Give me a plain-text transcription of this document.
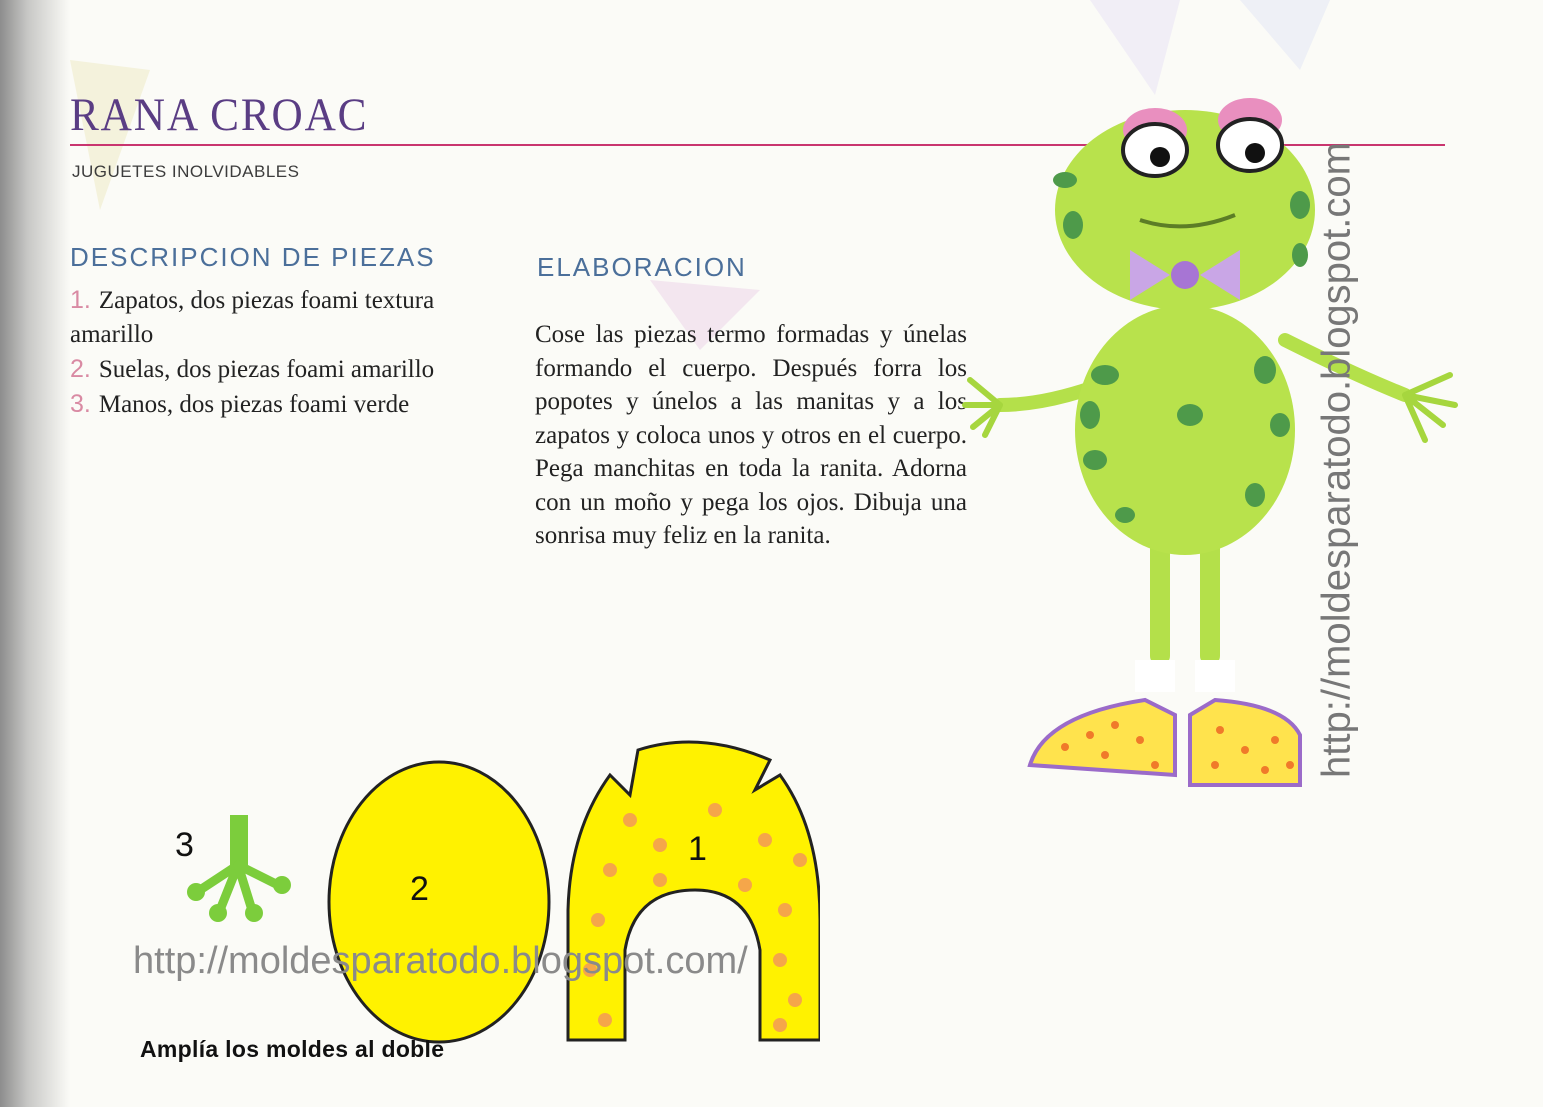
RANA CROAC
JUGUETES INOLVIDABLES
DESCRIPCION DE PIEZAS
1. Zapatos, dos piezas foami textura amarillo
2. Suelas, dos piezas foami amarillo
3. Manos, dos piezas foami verde
ELABORACION

Cose las piezas termo formadas y únelas formando el cuerpo. Después forra los popotes y únelos a las manitas y a los zapatos y coloca unos y otros en el cuerpo. Pega manchitas en toda la ranita. Adorna con un moño y pega los ojos. Dibuja una sonrisa muy feliz en la ranita.	http://moldesparatodo.blogspot.com
3
2
1
http://moldesparatodo.blogspot.com/
Amplía los moldes al doble
